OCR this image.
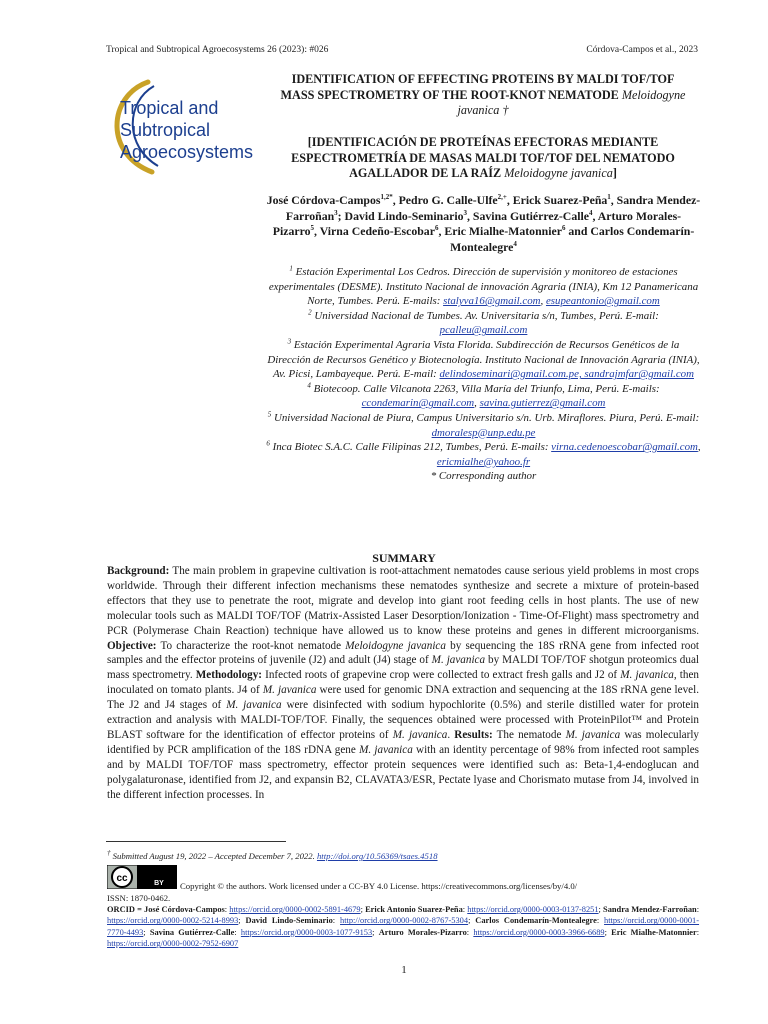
Tropical and Subtropical Agroecosystems 26 (2023): #026	Córdova-Campos et al., 2023
Tropical and
Subtropical
Agroecosystems
IDENTIFICATION OF EFFECTING PROTEINS BY MALDI TOF/TOF
MASS SPECTROMETRY OF THE ROOT-KNOT NEMATODE Meloidogyne
javanica †
[IDENTIFICACIÓN DE PROTEÍNAS EFECTORAS MEDIANTE
ESPECTROMETRÍA DE MASAS MALDI TOF/TOF DEL NEMATODO
AGALLADOR DE LA RAÍZ Meloidogyne javanica]
José Córdova-Campos$^{1,2*}$, Pedro G. Calle-Ulfe$^{2,+}$, Erick Suarez-Peña$^1$, Sandra Mendez-Farroñan$^3$; David Lindo-Seminario$^3$, Savina Gutiérrez-Calle$^4$, Arturo Morales-Pizarro$^5$, Virna Cedeño-Escobar$^6$, Eric Mialhe-Matonnier$^6$ and Carlos Condemarín-Montealegre$^4$

$^1$ Estación Experimental Los Cedros. Dirección de supervisión y monitoreo de estaciones experimentales (DESME). Instituto Nacional de innovación Agraria (INIA), Km 12 Panamericana Norte, Tumbes. Perú. E-mails: stalyva16@gmail.com, esupeantonio@gmail.com

$^2$ Universidad Nacional de Tumbes. Av. Universitaria s/n, Tumbes, Perú. E-mail: pcalleu@gmail.com

$^3$ Estación Experimental Agraria Vista Florida. Subdirección de Recursos Genéticos de la Dirección de Recursos Genético y Biotecnología. Instituto Nacional de Innovación Agraria (INIA), Av. Picsi, Lambayeque. Perú. E-mail: delindoseminari@gmail.com.pe, sandrajmfar@gmail.com

$^4$ Biotecoop. Calle Vilcanota 2263, Villa María del Triunfo, Lima, Perú. E-mails: ccondemarin@gmail.com, savina.gutierrez@gmail.com

$^5$ Universidad Nacional de Piura, Campus Universitario s/n. Urb. Miraflores. Piura, Perú. E-mail: dmoralesp@unp.edu.pe

$^6$ Inca Biotec S.A.C. Calle Filipinas 212, Tumbes, Perú. E-mails: virna.cedenoescobar@gmail.com, ericmialhe@yahoo.fr

* Corresponding author

SUMMARY
Background: The main problem in grapevine cultivation is root-attachment nematodes cause serious yield problems in most crops worldwide. Through their different infection mechanisms these nematodes synthesize and secrete a mixture of protein-based effectors that they use to penetrate the root, migrate and develop into giant root feeding cells in host plants. The use of new molecular tools such as MALDI TOF/TOF (Matrix-Assisted Laser Desorption/Ionization - Time-Of-Flight) mass spectrometry and PCR (Polymerase Chain Reaction) technique have allowed us to know these proteins and genes in different microorganisms. Objective: To characterize the root-knot nematode Meloidogyne javanica by sequencing the 18S rRNA gene from infected root samples and the effector proteins of juvenile (J2) and adult (J4) stage of M. javanica by MALDI TOF/TOF shotgun proteomics dual mass spectrometry. Methodology: Infected roots of grapevine crop were collected to extract fresh galls and J2 of M. javanica, then inoculated on tomato plants. J4 of M. javanica were used for genomic DNA extraction and sequencing at the 18S rRNA gene level. The J2 and J4 stages of M. javanica were disinfected with sodium hypochlorite (0.5%) and sterile distilled water for protein extraction and analysis with MALDI-TOF/TOF. Finally, the sequences obtained were processed with ProteinPilot™ and Protein BLAST software for the identification of effector proteins of M. javanica. Results: The nematode M. javanica was molecularly identified by PCR amplification of the 18S rDNA gene M. javanica with an identity percentage of 98% from infected root samples and by MALDI TOF/TOF mass spectrometry, effector protein sequences were identified such as: Beta-1,4-endoglucan and polygalaturonase, identified from J2, and expansin B2, CLAVATA3/ESR, Pectate lyase and Chorismato mutase from J4, involved in the different infection processes. In
† Submitted August 19, 2022 – Accepted December 7, 2022. http://doi.org/10.56369/tsaes.4518
cc	BY Copyright © the authors. Work licensed under a CC-BY 4.0 License. https://creativecommons.org/licenses/by/4.0/
ISSN: 1870-0462.
ORCID = José Córdova-Campos: https://orcid.org/0000-0002-5891-4679; Erick Antonio Suarez-Peña: https://orcid.org/0000-0003-0137-8251; Sandra Mendez-Farroñan: https://orcid.org/0000-0002-5214-8993; David Lindo-Seminario: http://orcid.org/0000-0002-8767-5304; Carlos Condemarín-Montealegre: https://orcid.org/0000-0001-7770-4493; Savina Gutiérrez-Calle: https://orcid.org/0000-0003-1077-9153; Arturo Morales-Pizarro: https://orcid.org/0000-0003-3966-6689; Eric Mialhe-Matonnier: https://orcid.org/0000-0002-7952-6907
1
